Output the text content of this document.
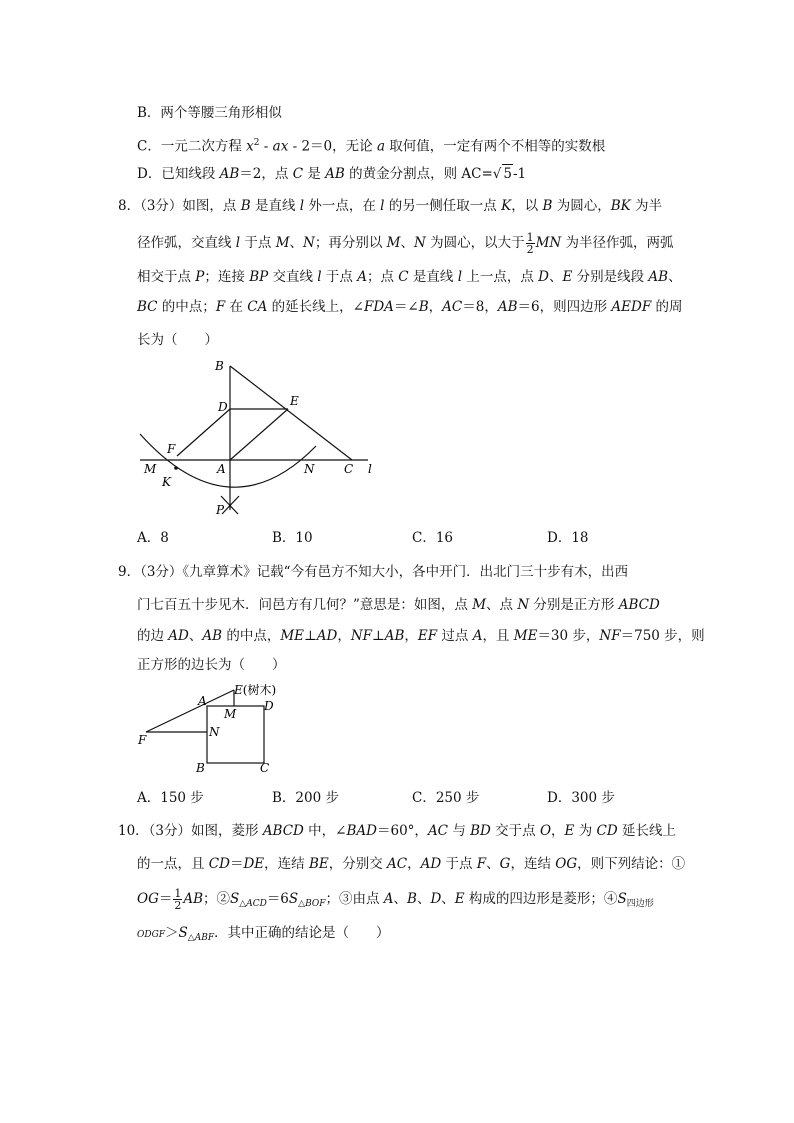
B．两个等腰三角形相似
C．一元二次方程 $x^2$ - ax - 2＝0，无论 a 取何值，一定有两个不相等的实数根
D．已知线段 AB＝2，点 C 是 AB 的黄金分割点，则 AC=√ 5-1
8．（3分）如图，点 B 是直线 l 外一点，在 l 的另一侧任取一点 K，以 B 为圆心，BK 为半
径作弧，交直线 l 于点 M、N；再分别以 M、N 为圆心，以大于 $\frac{1}{2}$ MN 为半径作弧，两弧
相交于点 P；连接 BP 交直线 l 于点 A；点 C 是直线 l 上一点，点 D、E 分别是线段 AB、
BC 的中点；F 在 CA 的延长线上，∠FDA＝∠B，AC＝8，AB＝6，则四边形 AEDF 的周
长为（　　）
B
D	E
F
M	A	N C l
K
P
A．8	B．10	C．16	D．18
9．（3分）《九章算术》记载“今有邑方不知大小，各中开门．出北门三十步有木，出西
门七百五十步见木．问邑方有几何？”意思是：如图，点 M、点 N 分别是正方形 ABCD
的边 AD、AB 的中点，ME⊥AD，NF⊥AB，EF 过点 A，且 ME＝30 步，NF＝750 步，则
正方形的边长为（　　）
A
E(树木)
M
D
F
N
B	C
A．150 步	B．200 步	C．250 步	D．300 步
10．（3分）如图，菱形 ABCD 中，∠BAD＝60°，AC 与 BD 交于点 O，E 为 CD 延长线上
的一点，且 CD＝DE，连结 BE，分别交 AC，AD 于点 F、G，连结 OG，则下列结论：①
$OG= \frac{1}{2}$ AB；$②S_{\triangle ACD}=6S_{\triangle BOF}$；③由点 A、B、D、E 构成的四边形是菱形；$④S_{四边形}$
$ODGF>S_{\triangle ABF}$．其中正确的结论是（　　）
